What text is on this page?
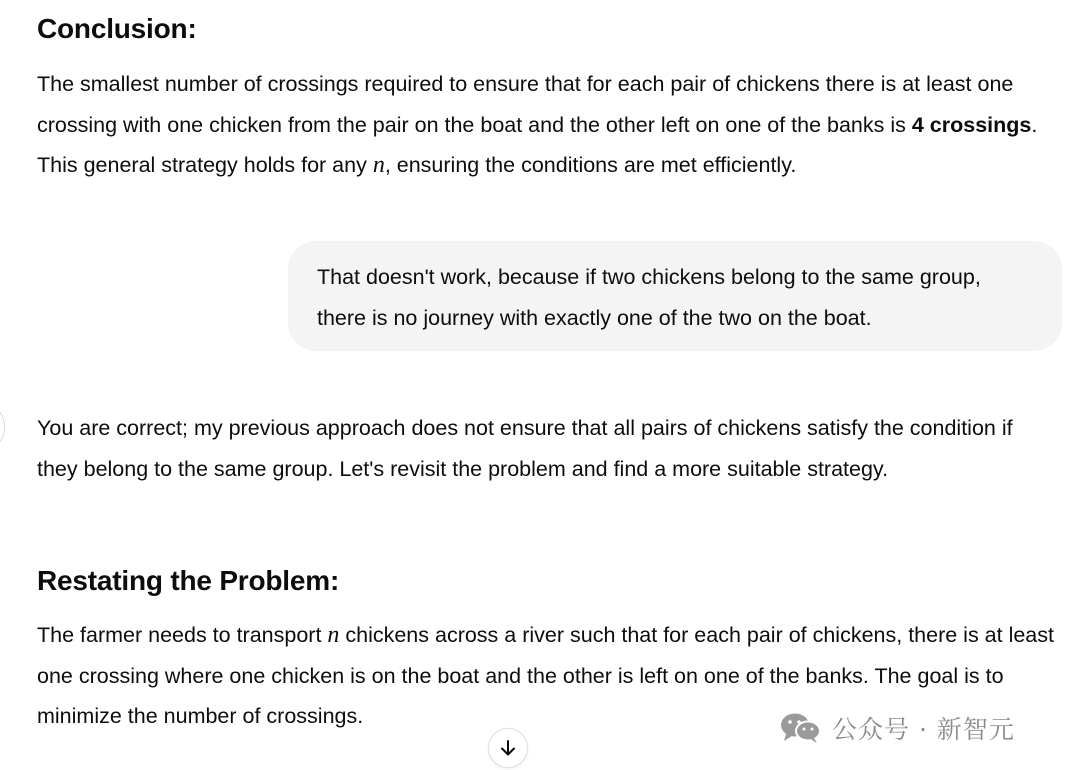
Conclusion:

The smallest number of crossings required to ensure that for each pair of chickens there is at least one crossing with one chicken from the pair on the boat and the other left on one of the banks is 4 crossings. This general strategy holds for any n, ensuring the conditions are met efficiently.

That doesn't work, because if two chickens belong to the same group, there is no journey with exactly one of the two on the boat.

You are correct; my previous approach does not ensure that all pairs of chickens satisfy the condition if they belong to the same group. Let's revisit the problem and find a more suitable strategy.

Restating the Problem:

The farmer needs to transport n chickens across a river such that for each pair of chickens, there is at least one crossing where one chicken is on the boat and the other is left on one of the banks. The goal is to minimize the number of crossings.	公众号 · 新智元
